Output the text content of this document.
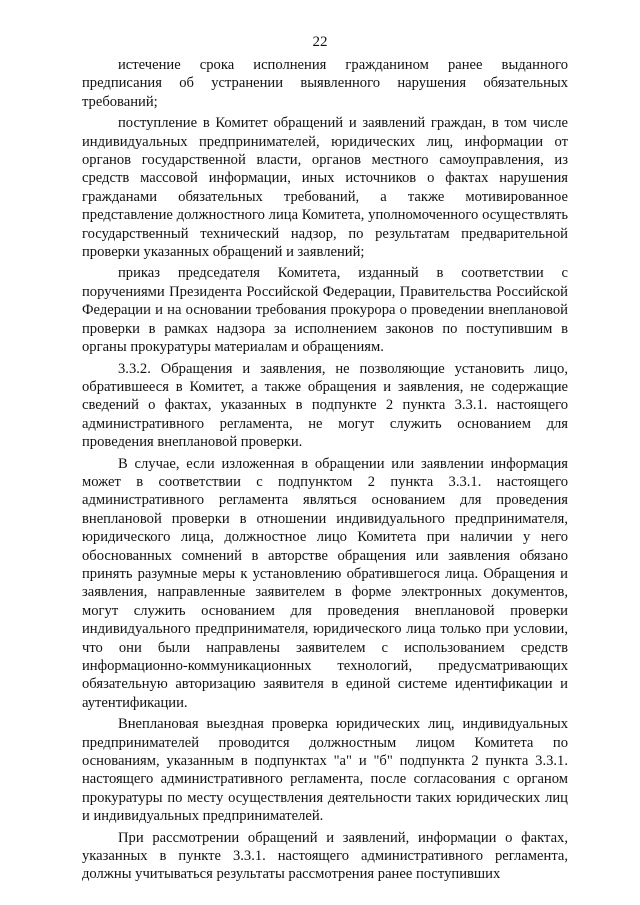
22

истечение срока исполнения гражданином ранее выданного предписания об устранении выявленного нарушения обязательных требований;

поступление в Комитет обращений и заявлений граждан, в том числе индивидуальных предпринимателей, юридических лиц, информации от органов государственной власти, органов местного самоуправления, из средств массовой информации, иных источников о фактах нарушения гражданами обязательных требований, а также мотивированное представление должностного лица Комитета, уполномоченного осуществлять государственный технический надзор, по результатам предварительной проверки указанных обращений и заявлений;

приказ председателя Комитета, изданный в соответствии с поручениями Президента Российской Федерации, Правительства Российской Федерации и на основании требования прокурора о проведении внеплановой проверки в рамках надзора за исполнением законов по поступившим в органы прокуратуры материалам и обращениям.

3.3.2. Обращения и заявления, не позволяющие установить лицо, обратившееся в Комитет, а также обращения и заявления, не содержащие сведений о фактах, указанных в подпункте 2 пункта 3.3.1. настоящего административного регламента, не могут служить основанием для проведения внеплановой проверки.

В случае, если изложенная в обращении или заявлении информация может в соответствии с подпунктом 2 пункта 3.3.1. настоящего административного регламента являться основанием для проведения внеплановой проверки в отношении индивидуального предпринимателя, юридического лица, должностное лицо Комитета при наличии у него обоснованных сомнений в авторстве обращения или заявления обязано принять разумные меры к установлению обратившегося лица. Обращения и заявления, направленные заявителем в форме электронных документов, могут служить основанием для проведения внеплановой проверки индивидуального предпринимателя, юридического лица только при условии, что они были направлены заявителем с использованием средств информационно-коммуникационных технологий, предусматривающих обязательную авторизацию заявителя в единой системе идентификации и аутентификации.

Внеплановая выездная проверка юридических лиц, индивидуальных предпринимателей проводится должностным лицом Комитета по основаниям, указанным в подпунктах "а" и "б" подпункта 2 пункта 3.3.1. настоящего административного регламента, после согласования с органом прокуратуры по месту осуществления деятельности таких юридических лиц и индивидуальных предпринимателей.

При рассмотрении обращений и заявлений, информации о фактах, указанных в пункте 3.3.1. настоящего административного регламента, должны учитываться результаты рассмотрения ранее поступивших
